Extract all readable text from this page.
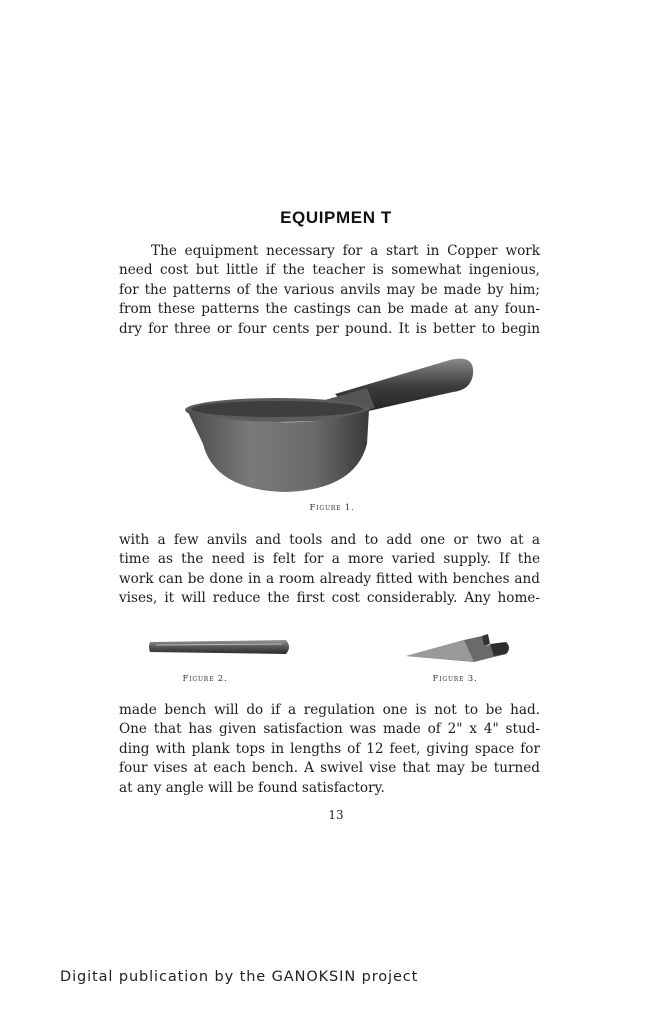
EQUIPMEN T
The equipment necessary for a start in Copper work
need cost but little if the teacher is somewhat ingenious,
for the patterns of the various anvils may be made by him;
from these patterns the castings can be made at any foun-
dry for three or four cents per pound. It is better to begin
Figure 1.
with a few anvils and tools and to add one or two at a
time as the need is felt for a more varied supply. If the
work can be done in a room already fitted with benches and
vises, it will reduce the first cost considerably. Any home-
Figure 2.	Figure 3.
made bench will do if a regulation one is not to be had.
One that has given satisfaction was made of 2" x 4" stud-
ding with plank tops in lengths of 12 feet, giving space for
four vises at each bench. A swivel vise that may be turned
at any angle will be found satisfactory.
13
Digital publication by the GANOKSIN project
